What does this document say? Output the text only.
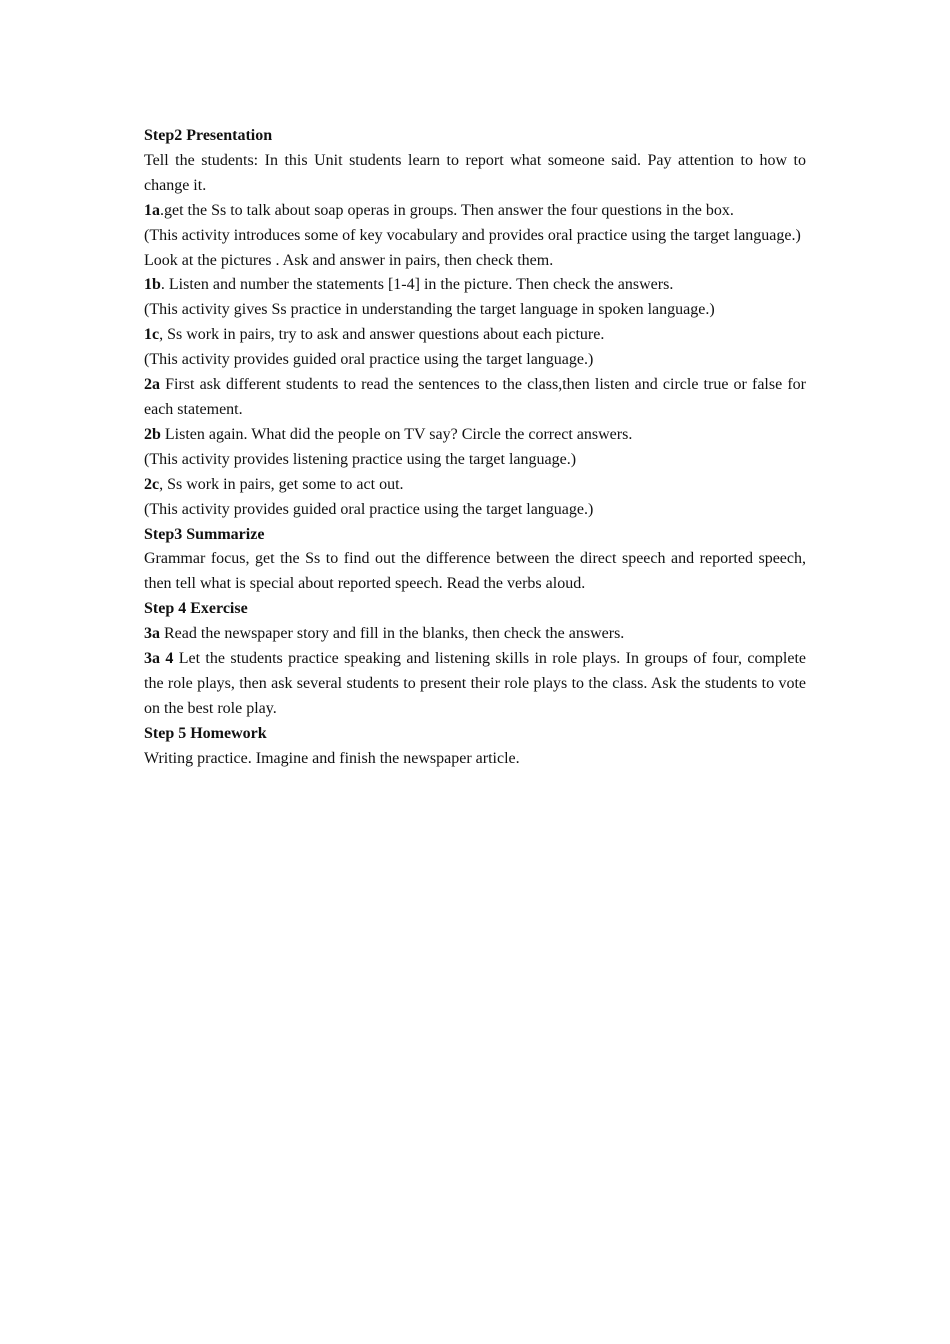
Step2 Presentation

Tell the students: In this Unit students learn to report what someone said. Pay attention to how to change it.

1a.get the Ss to talk about soap operas in groups. Then answer the four questions in the box.

(This activity introduces some of key vocabulary and provides oral practice using the target language.)

Look at the pictures . Ask and answer in pairs, then check them.

1b. Listen and number the statements [1-4] in the picture. Then check the answers.

(This activity gives Ss practice in understanding the target language in spoken language.)

1c, Ss work in pairs, try to ask and answer questions about each picture.

(This activity provides guided oral practice using the target language.)

2a First ask different students to read the sentences to the class,then listen and circle true or false for each statement.

2b Listen again. What did the people on TV say? Circle the correct answers.

(This activity provides listening practice using the target language.)

2c, Ss work in pairs, get some to act out.

(This activity provides guided oral practice using the target language.)

Step3 Summarize

Grammar focus, get the Ss to find out the difference between the direct speech and reported speech, then tell what is special about reported speech. Read the verbs aloud.

Step 4 Exercise

3a Read the newspaper story and fill in the blanks, then check the answers.

3a 4 Let the students practice speaking and listening skills in role plays. In groups of four, complete the role plays, then ask several students to present their role plays to the class. Ask the students to vote on the best role play.

Step 5 Homework

Writing practice. Imagine and finish the newspaper article.
